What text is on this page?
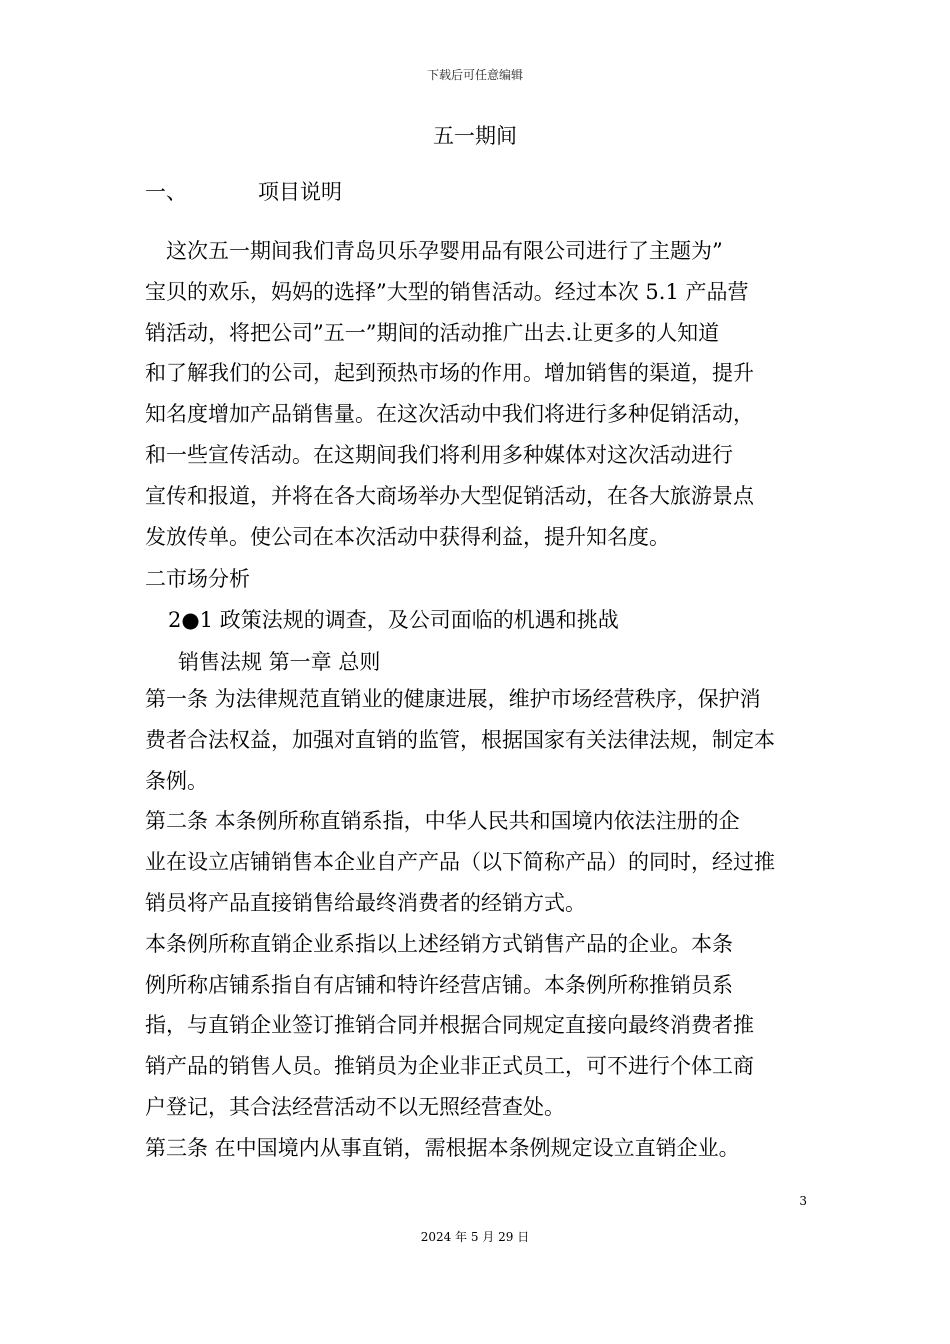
下载后可任意编辑
五一期间
一、	项目说明
这次五一期间我们青岛贝乐孕婴用品有限公司进行了主题为”
宝贝的欢乐，妈妈的选择”大型的销售活动。经过本次 5.1 产品营
销活动，将把公司”五一”期间的活动推广出去.让更多的人知道
和了解我们的公司，起到预热市场的作用。增加销售的渠道，提升
知名度增加产品销售量。在这次活动中我们将进行多种促销活动，
和一些宣传活动。在这期间我们将利用多种媒体对这次活动进行
宣传和报道，并将在各大商场举办大型促销活动，在各大旅游景点
发放传单。使公司在本次活动中获得利益，提升知名度。
二市场分析
2●1 政策法规的调查，及公司面临的机遇和挑战
销售法规 第一章 总则
第一条 为法律规范直销业的健康进展，维护市场经营秩序，保护消
费者合法权益，加强对直销的监管，根据国家有关法律法规，制定本
条例。
第二条 本条例所称直销系指，中华人民共和国境内依法注册的企
业在设立店铺销售本企业自产产品（以下简称产品）的同时，经过推
销员将产品直接销售给最终消费者的经销方式。
本条例所称直销企业系指以上述经销方式销售产品的企业。本条
例所称店铺系指自有店铺和特许经营店铺。本条例所称推销员系
指，与直销企业签订推销合同并根据合同规定直接向最终消费者推
销产品的销售人员。推销员为企业非正式员工，可不进行个体工商
户登记，其合法经营活动不以无照经营查处。
第三条 在中国境内从事直销，需根据本条例规定设立直销企业。
3
2024 年 5 月 29 日
